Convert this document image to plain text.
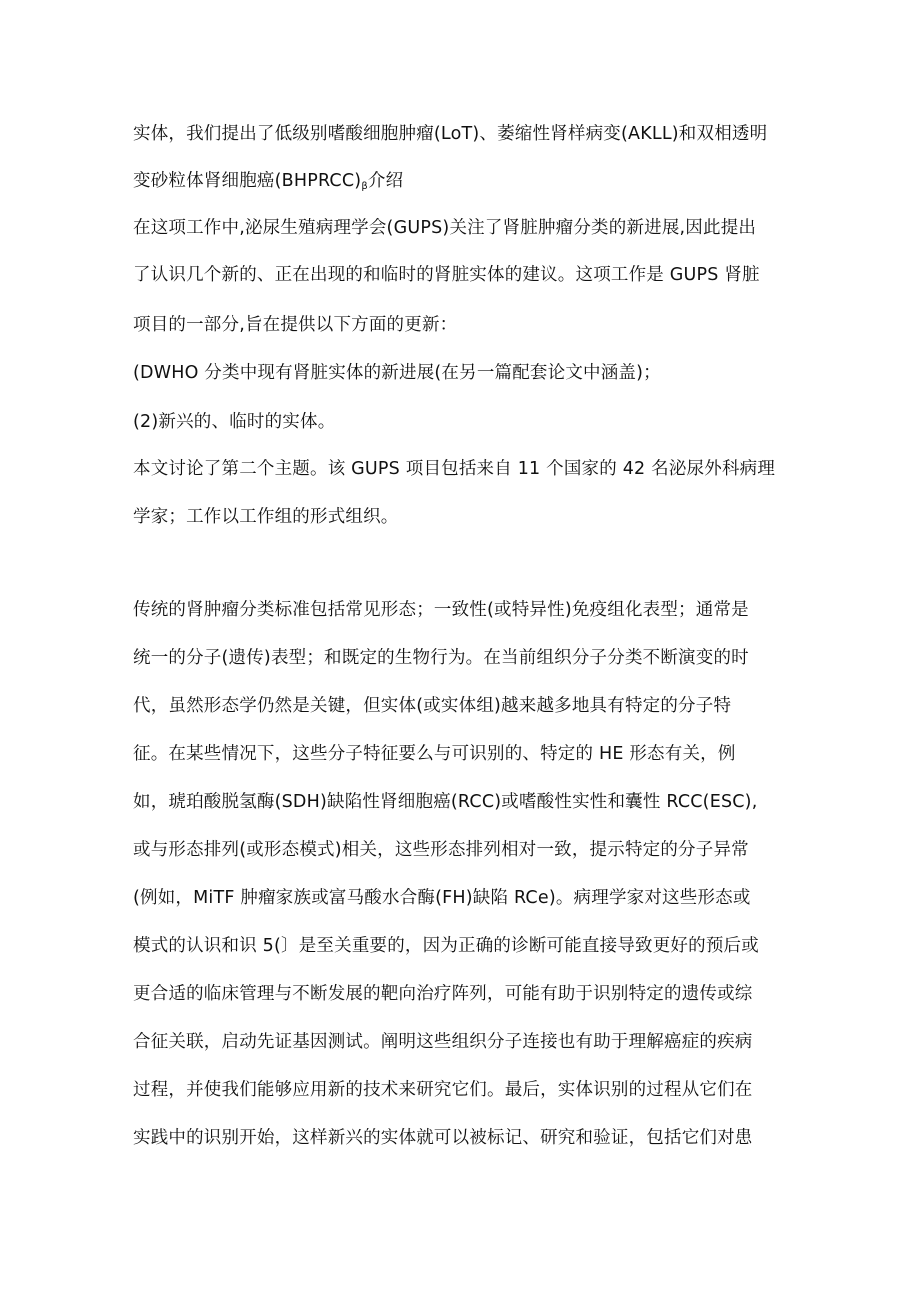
实体，我们提出了低级别嗜酸细胞肿瘤(LoT)、萎缩性肾样病变(AKLL)和双相透明
变砂粒体肾细胞癌$(BHPRCC)_\beta$介绍
在这项工作中,泌尿生殖病理学会(GUPS)关注了肾脏肿瘤分类的新进展,因此提出
了认识几个新的、正在出现的和临时的肾脏实体的建议。这项工作是 GUPS 肾脏
项目的一部分,旨在提供以下方面的更新：
(DWHO 分类中现有肾脏实体的新进展(在另一篇配套论文中涵盖)；
(2)新兴的、临时的实体。
本文讨论了第二个主题。该 GUPS 项目包括来自 11 个国家的 42 名泌尿外科病理
学家；工作以工作组的形式组织。
传统的肾肿瘤分类标准包括常见形态；一致性(或特异性)免疫组化表型；通常是
统一的分子(遗传)表型；和既定的生物行为。在当前组织分子分类不断演变的时
代，虽然形态学仍然是关键，但实体(或实体组)越来越多地具有特定的分子特
征。在某些情况下，这些分子特征要么与可识别的、特定的 HE 形态有关，例
如，琥珀酸脱氢酶(SDH)缺陷性肾细胞癌(RCC)或嗜酸性实性和囊性 RCC(ESC),
或与形态排列(或形态模式)相关，这些形态排列相对一致，提示特定的分子异常
(例如，MiTF 肿瘤家族或富马酸水合酶(FH)缺陷 RCe)。病理学家对这些形态或
模式的认识和识 5(〕是至关重要的，因为正确的诊断可能直接导致更好的预后或
更合适的临床管理与不断发展的靶向治疗阵列，可能有助于识别特定的遗传或综
合征关联，启动先证基因测试。阐明这些组织分子连接也有助于理解癌症的疾病
过程，并使我们能够应用新的技术来研究它们。最后，实体识别的过程从它们在
实践中的识别开始，这样新兴的实体就可以被标记、研究和验证，包括它们对患
